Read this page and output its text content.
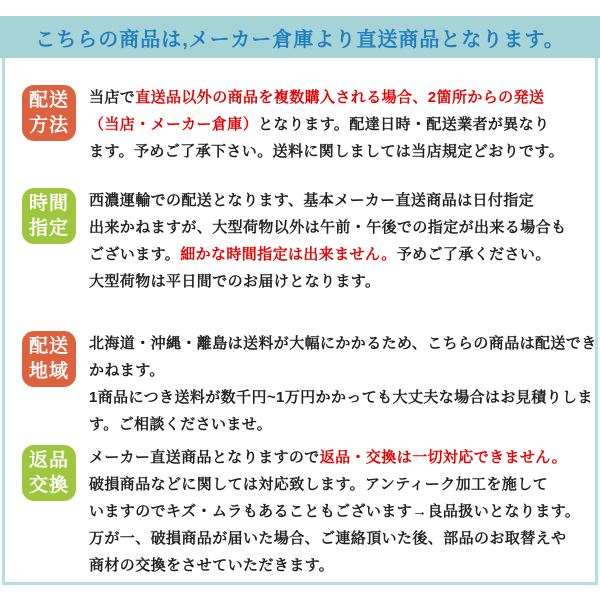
こちらの商品は,メーカー倉庫より直送商品となります。
配送
方法
当店で直送品以外の商品を複数購入される場合、2箇所からの発送
（当店・メーカー倉庫）となります。配達日時・配送業者が異なり
ます。予めご了承下さい。送料に関しましては当店規定どおりです。
時間
指定
西濃運輸での配送となります、基本メーカー直送商品は日付指定
出来かねますが、大型荷物以外は午前・午後での指定が出来る場合も
ございます。細かな時間指定は出来ません。予めご了承ください。
大型荷物は平日間でのお届けとなります。
配送
地域
北海道・沖縄・離島は送料が大幅にかかるため、こちらの商品は配送でき
かねます。
1商品につき送料が数千円~1万円かかっても大丈夫な場合はお見積りしま
す。ご相談くださいませ。
返品
交換
メーカー直送商品となりますので返品・交換は一切対応できません。
破損商品などに関しては対応致します。アンティーク加工を施して
いますのでキズ・ムラもあることもございます→良品扱いとなります。
万が一、破損商品が届いた場合、ご連絡頂いた後、部品のお取替えや
商材の交換をさせていただきます。
